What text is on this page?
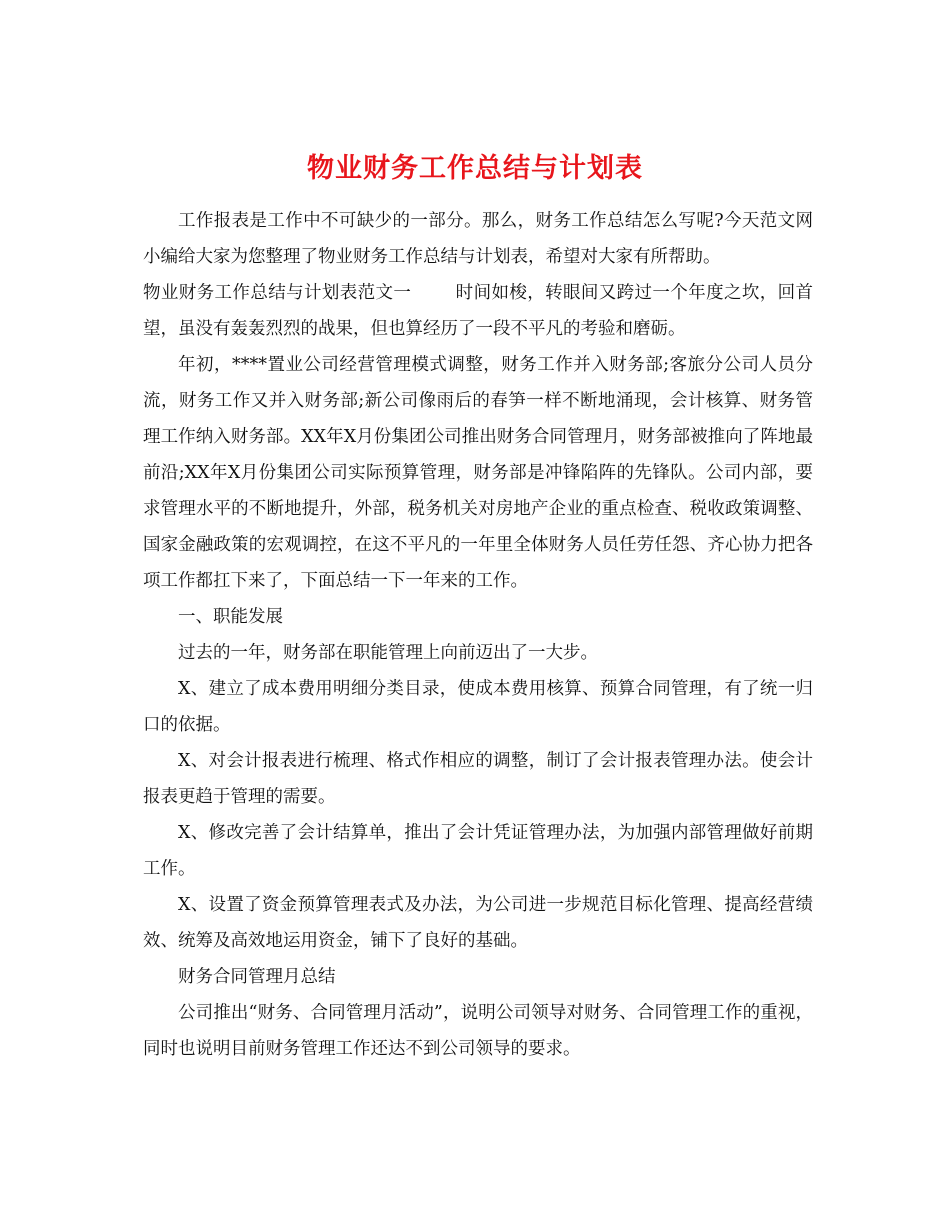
物业财务工作总结与计划表

工作报表是工作中不可缺少的一部分。那么，财务工作总结怎么写呢?今天范文网小编给大家为您整理了物业财务工作总结与计划表，希望对大家有所帮助。

物业财务工作总结与计划表范文一	时间如梭，转眼间又跨过一个年度之坎，回首望，虽没有轰轰烈烈的战果，但也算经历了一段不平凡的考验和磨砺。

年初，****置业公司经营管理模式调整，财务工作并入财务部;客旅分公司人员分流，财务工作又并入财务部;新公司像雨后的春笋一样不断地涌现，会计核算、财务管理工作纳入财务部。XX年X月份集团公司推出财务合同管理月，财务部被推向了阵地最前沿;XX年X月份集团公司实际预算管理，财务部是冲锋陷阵的先锋队。公司内部，要求管理水平的不断地提升，外部，税务机关对房地产企业的重点检查、税收政策调整、国家金融政策的宏观调控，在这不平凡的一年里全体财务人员任劳任怨、齐心协力把各项工作都扛下来了，下面总结一下一年来的工作。

一、职能发展

过去的一年，财务部在职能管理上向前迈出了一大步。

X、建立了成本费用明细分类目录，使成本费用核算、预算合同管理，有了统一归口的依据。

X、对会计报表进行梳理、格式作相应的调整，制订了会计报表管理办法。使会计报表更趋于管理的需要。

X、修改完善了会计结算单，推出了会计凭证管理办法，为加强内部管理做好前期工作。

X、设置了资金预算管理表式及办法，为公司进一步规范目标化管理、提高经营绩效、统筹及高效地运用资金，铺下了良好的基础。

财务合同管理月总结

公司推出“财务、合同管理月活动”，说明公司领导对财务、合同管理工作的重视，同时也说明目前财务管理工作还达不到公司领导的要求。
